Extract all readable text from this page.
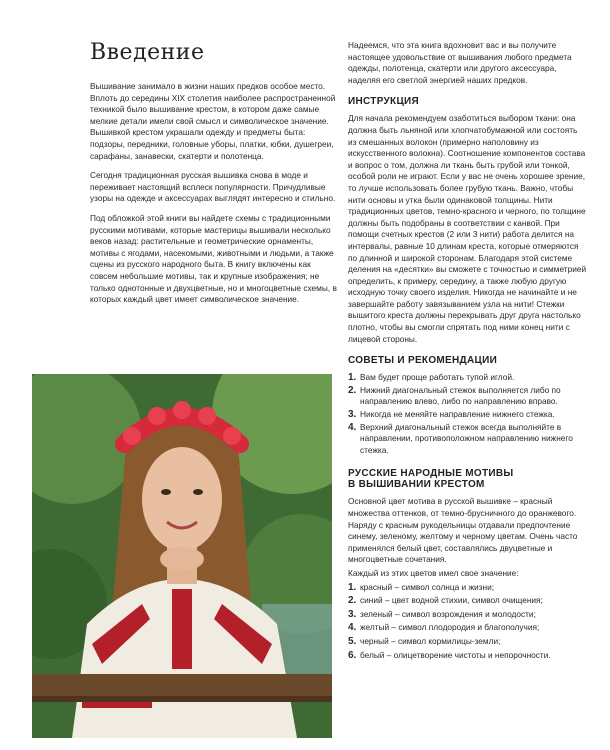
Введение

Вышивание занимало в жизни наших предков особое место. Вплоть до середины XIX столетия наиболее распространенной техникой было вышивание крестом, в котором даже самые мелкие детали имели свой смысл и символическое значение. Вышивкой крестом украшали одежду и предметы быта: подзоры, передники, головные уборы, платки, юбки, душегреи, сарафаны, занавески, скатерти и полотенца.

Сегодня традиционная русская вышивка снова в моде и переживает настоящий всплеск популярности. Причудливые узоры на одежде и аксессуарах выглядят интересно и стильно.

Под обложкой этой книги вы найдете схемы с традиционными русскими мотивами, которые мастерицы вышивали несколько веков назад: растительные и геометрические орнаменты, мотивы с ягодами, насекомыми, животными и людьми, а также сцены из русского народного быта. В книгу включены как совсем небольшие мотивы, так и крупные изображения; не только однотонные и двухцветные, но и многоцветные схемы, в которых каждый цвет имеет символическое значение.

Надеемся, что эта книга вдохновит вас и вы получите настоящее удовольствие от вышивания любого предмета одежды, полотенца, скатерти или другого аксессуара, наделяя его светлой энергией наших предков.

ИНСТРУКЦИЯ

Для начала рекомендуем озаботиться выбором ткани: она должна быть льняной или хлопчатобумажной или состоять из смешанных волокон (примерно наполовину из искусственного волокна). Соотношение компонентов состава и вопрос о том, должна ли ткань быть грубой или тонкой, особой роли не играют. Если у вас не очень хорошее зрение, то лучше использовать более грубую ткань. Важно, чтобы нити основы и утка были одинаковой толщины. Нити традиционных цветов, темно-красного и черного, по толщине должны быть подобраны в соответствии с канвой. При помощи счетных крестов (2 или 3 нити) работа делится на интервалы, равные 10 длинам креста, которые отмеряются по длинной и широкой сторонам. Благодаря этой системе деления на «десятки» вы сможете с точностью и симметрией определить, к примеру, середину, а также любую другую исходную точку своего изделия. Никогда не начинайте и не завершайте работу завязыванием узла на нити! Стежки вышитого креста должны перекрывать друг друга настолько плотно, чтобы вы смогли спрятать под ними конец нити с лицевой стороны.

СОВЕТЫ И РЕКОМЕНДАЦИИ
1. Вам будет проще работать тупой иглой.
2. Нижний диагональный стежок выполняется либо по направлению влево, либо по направлению вправо.
3. Никогда не меняйте направление нижнего стежка.
4. Верхний диагональный стежок всегда выполняйте в направлении, противоположном направлению нижнего стежка.
РУССКИЕ НАРОДНЫЕ МОТИВЫ
В ВЫШИВАНИИ КРЕСТОМ

Основной цвет мотива в русской вышивке – красный множества оттенков, от темно-брусничного до оранжевого. Наряду с красным рукодельницы отдавали предпочтение синему, зеленому, желтому и черному цветам. Очень часто применялся белый цвет, составлялись двуцветные и многоцветные сочетания.

Каждый из этих цветов имел свое значение:

1. красный – символ солнца и жизни;
2. синий – цвет водной стихии, символ очищения;
3. зеленый – символ возрождения и молодости;
4. желтый – символ плодородия и благополучия;
5. черный – символ кормилицы-земли;
6. белый – олицетворение чистоты и непорочности.
